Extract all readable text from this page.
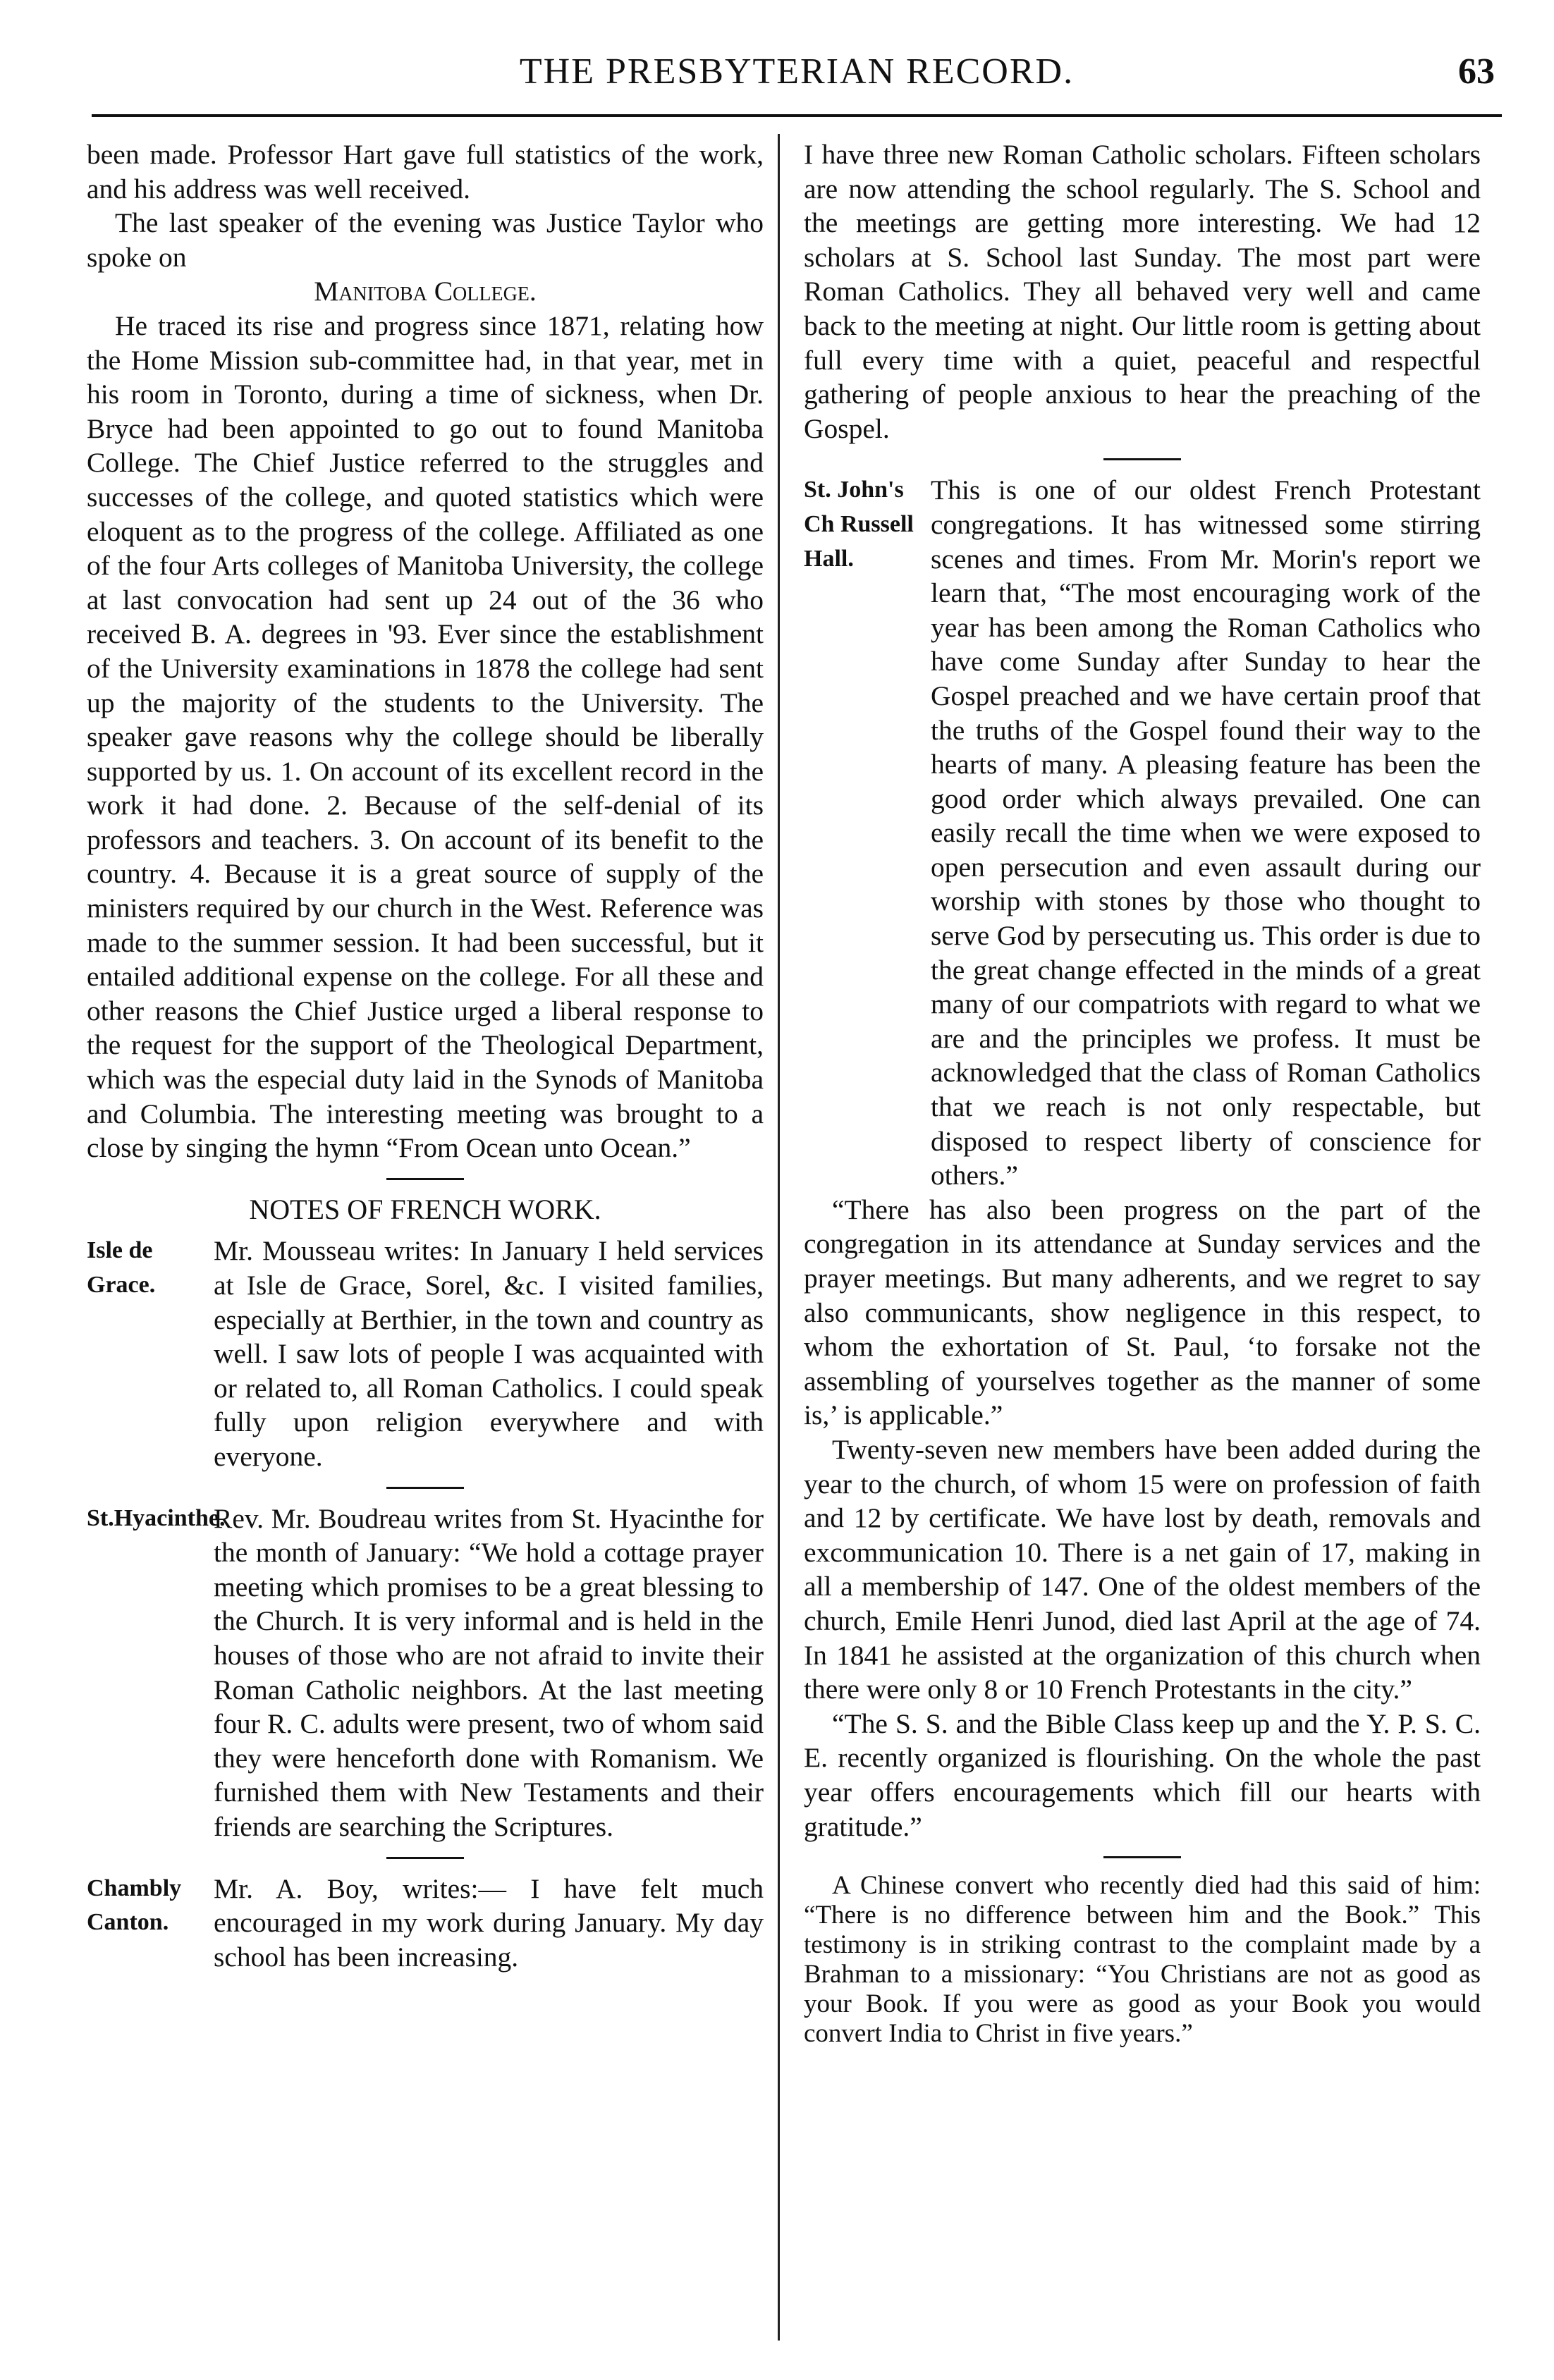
THE PRESBYTERIAN RECORD.	63

been made. Professor Hart gave full statistics of the work, and his address was well received.

The last speaker of the evening was Justice Taylor who spoke on

Manitoba College.

He traced its rise and progress since 1871, relating how the Home Mission sub-committee had, in that year, met in his room in Toronto, during a time of sickness, when Dr. Bryce had been appointed to go out to found Manitoba College. The Chief Justice referred to the struggles and successes of the college, and quoted statistics which were eloquent as to the progress of the college. Affiliated as one of the four Arts colleges of Manitoba University, the college at last convocation had sent up 24 out of the 36 who received B. A. degrees in '93. Ever since the establishment of the University examinations in 1878 the college had sent up the majority of the students to the University. The speaker gave reasons why the college should be liberally supported by us. 1. On account of its excellent record in the work it had done. 2. Because of the self-denial of its professors and teachers. 3. On account of its benefit to the country. 4. Because it is a great source of supply of the ministers required by our church in the West. Reference was made to the summer session. It had been successful, but it entailed additional expense on the college. For all these and other reasons the Chief Justice urged a liberal response to the request for the support of the Theological Department, which was the especial duty laid in the Synods of Manitoba and Columbia. The interesting meeting was brought to a close by singing the hymn “From Ocean unto Ocean.”

NOTES OF FRENCH WORK.

Isle de Grace.
Mr. Mousseau writes: In January I held services at Isle de Grace, Sorel, &c. I visited families, especially at Berthier, in the town and country as well. I saw lots of people I was acquainted with or related to, all Roman Catholics. I could speak fully upon religion everywhere and with everyone.
St.Hyacinthe.
Rev. Mr. Boudreau writes from St. Hyacinthe for the month of January: “We hold a cottage prayer meeting which promises to be a great blessing to the Church. It is very informal and is held in the houses of those who are not afraid to invite their Roman Catholic neighbors. At the last meeting four R. C. adults were present, two of whom said they were henceforth done with Romanism. We furnished them with New Testaments and their friends are searching the Scriptures.
Chambly Canton.
Mr. A. Boy, writes:— I have felt much encouraged in my work during January. My day school has been increasing.

I have three new Roman Catholic scholars. Fifteen scholars are now attending the school regularly. The S. School and the meetings are getting more interesting. We had 12 scholars at S. School last Sunday. The most part were Roman Catholics. They all behaved very well and came back to the meeting at night. Our little room is getting about full every time with a quiet, peaceful and respectful gathering of people anxious to hear the preaching of the Gospel.

St. John's Ch Russell Hall.
This is one of our oldest French Protestant congregations. It has witnessed some stirring scenes and times. From Mr. Morin's report we learn that, “The most encouraging work of the year has been among the Roman Catholics who have come Sunday after Sunday to hear the Gospel preached and we have certain proof that the truths of the Gospel found their way to the hearts of many. A pleasing feature has been the good order which always prevailed. One can easily recall the time when we were exposed to open persecution and even assault during our worship with stones by those who thought to serve God by persecuting us. This order is due to the great change effected in the minds of a great many of our compatriots with regard to what we are and the principles we profess. It must be acknowledged that the class of Roman Catholics that we reach is not only respectable, but disposed to respect liberty of conscience for others.”

“There has also been progress on the part of the congregation in its attendance at Sunday services and the prayer meetings. But many adherents, and we regret to say also communicants, show negligence in this respect, to whom the exhortation of St. Paul, ‘to forsake not the assembling of yourselves together as the manner of some is,’ is applicable.”

Twenty-seven new members have been added during the year to the church, of whom 15 were on profession of faith and 12 by certificate. We have lost by death, removals and excommunication 10. There is a net gain of 17, making in all a membership of 147. One of the oldest members of the church, Emile Henri Junod, died last April at the age of 74. In 1841 he assisted at the organization of this church when there were only 8 or 10 French Protestants in the city.”

“The S. S. and the Bible Class keep up and the Y. P. S. C. E. recently organized is flourishing. On the whole the past year offers encouragements which fill our hearts with gratitude.”

A Chinese convert who recently died had this said of him: “There is no difference between him and the Book.” This testimony is in striking contrast to the complaint made by a Brahman to a missionary: “You Christians are not as good as your Book. If you were as good as your Book you would convert India to Christ in five years.”
